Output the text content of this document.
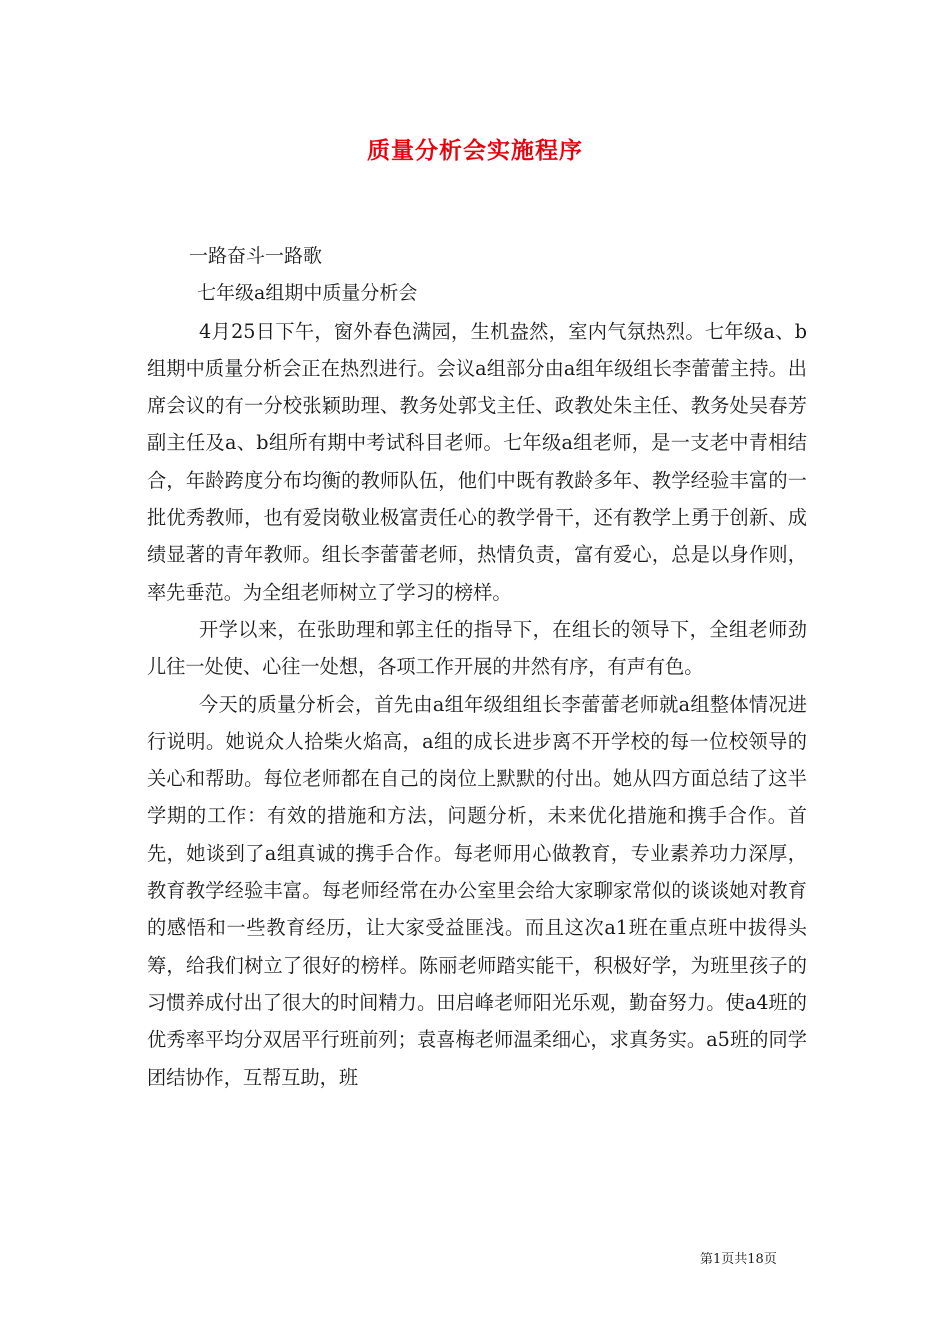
质量分析会实施程序

一路奋斗一路歌

七年级a组期中质量分析会

4月25日下午，窗外春色满园，生机盎然，室内气氛热烈。七年级a、b组期中质量分析会正在热烈进行。会议a组部分由a组年级组长李蕾蕾主持。出席会议的有一分校张颖助理、教务处郭戈主任、政教处朱主任、教务处吴春芳副主任及a、b组所有期中考试科目老师。七年级a组老师，是一支老中青相结合，年龄跨度分布均衡的教师队伍，他们中既有教龄多年、教学经验丰富的一批优秀教师，也有爱岗敬业极富责任心的教学骨干，还有教学上勇于创新、成绩显著的青年教师。组长李蕾蕾老师，热情负责，富有爱心，总是以身作则，率先垂范。为全组老师树立了学习的榜样。

开学以来，在张助理和郭主任的指导下，在组长的领导下，全组老师劲儿往一处使、心往一处想，各项工作开展的井然有序，有声有色。

今天的质量分析会，首先由a组年级组组长李蕾蕾老师就a组整体情况进行说明。她说众人拾柴火焰高，a组的成长进步离不开学校的每一位校领导的关心和帮助。每位老师都在自己的岗位上默默的付出。她从四方面总结了这半学期的工作：有效的措施和方法，问题分析，未来优化措施和携手合作。首先，她谈到了a组真诚的携手合作。每老师用心做教育，专业素养功力深厚，教育教学经验丰富。每老师经常在办公室里会给大家聊家常似的谈谈她对教育的感悟和一些教育经历，让大家受益匪浅。而且这次a1班在重点班中拔得头筹，给我们树立了很好的榜样。陈丽老师踏实能干，积极好学，为班里孩子的习惯养成付出了很大的时间精力。田启峰老师阳光乐观，勤奋努力。使a4班的优秀率平均分双居平行班前列；袁喜梅老师温柔细心，求真务实。a5班的同学团结协作，互帮互助，班

第1页共18页
